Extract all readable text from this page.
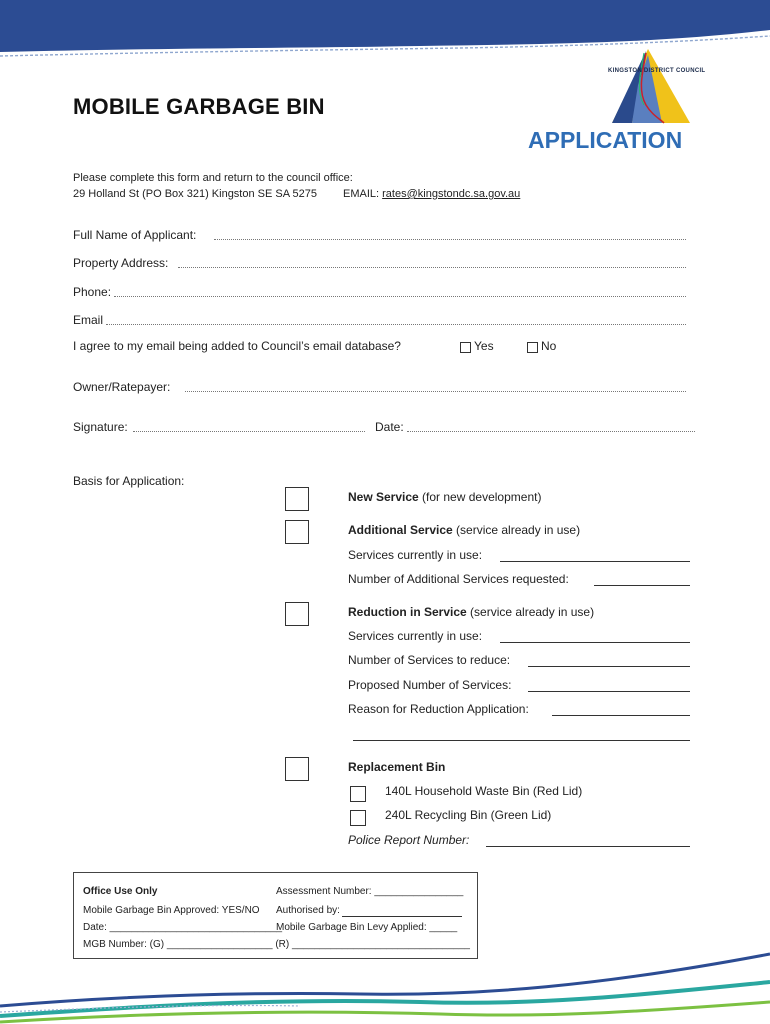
MOBILE GARBAGE BIN
APPLICATION
KINGSTON DISTRICT COUNCIL
Please complete this form and return to the council office:
29 Holland St (PO Box 321) Kingston SE SA 5275 EMAIL: rates@kingstondc.sa.gov.au
Full Name of Applicant:
Property Address:
Phone:
Email
I agree to my email being added to Council’s email database?	Yes	No
Owner/Ratepayer:
Signature:	Date:
Basis for Application:
New Service (for new development)
Additional Service (service already in use)
Services currently in use:
Number of Additional Services requested:
Reduction in Service (service already in use)
Services currently in use:
Number of Services to reduce:
Proposed Number of Services:
Reason for Reduction Application:
Replacement Bin
140L Household Waste Bin (Red Lid)
240L Recycling Bin (Green Lid)
Police Report Number:
Office Use Only	Assessment Number: ________________
Mobile Garbage Bin Approved: YES/NO Authorised by:
Date: _______________________________
Mobile Garbage Bin Levy Applied: _____
MGB Number: (G) ___________________ (R) ________________________________
